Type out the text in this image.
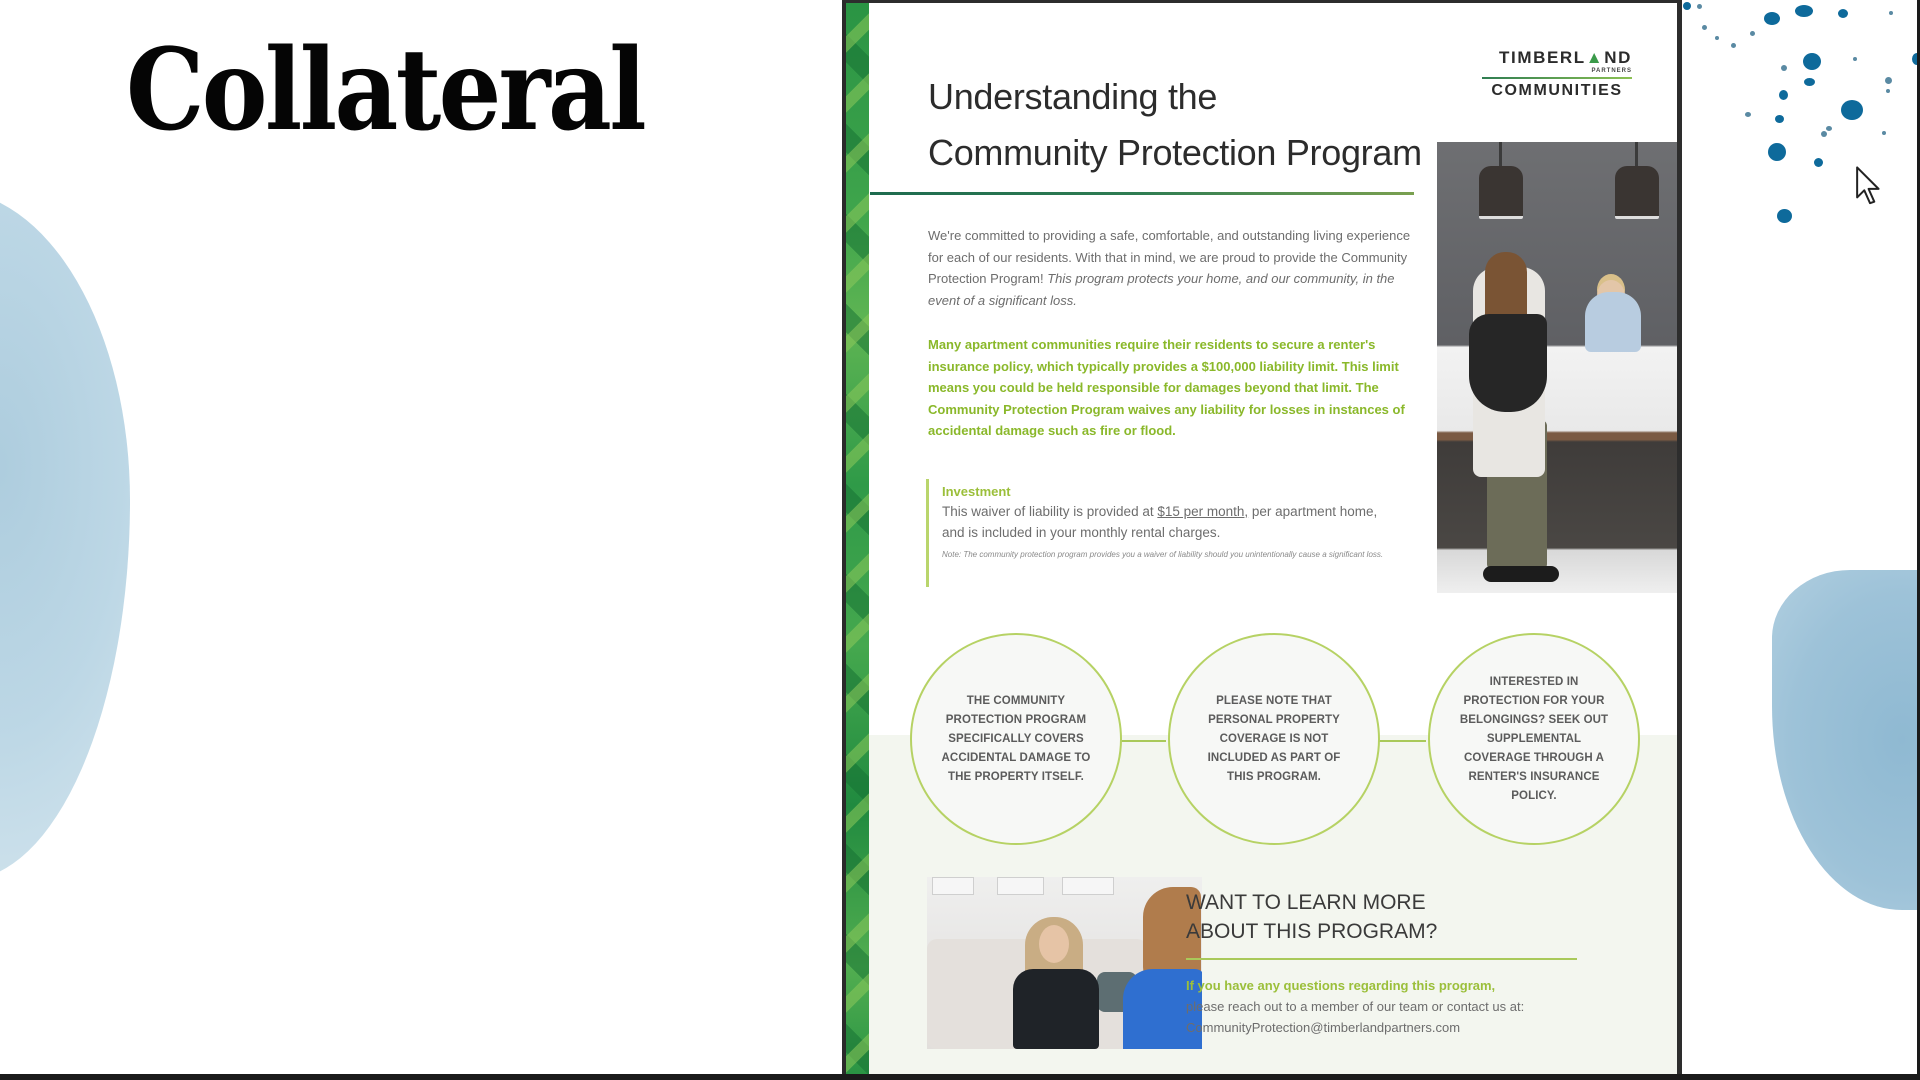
Collateral	Understanding the
Community Protection Program
TIMBERL▲ND
PARTNERS
COMMUNITIES
We're committed to providing a safe, comfortable, and outstanding living experience for each of our residents. With that in mind, we are proud to provide the Community Protection Program! This program protects your home, and our community, in the event of a significant loss.
Many apartment communities require their residents to secure a renter's insurance policy, which typically provides a $100,000 liability limit. This limit means you could be held responsible for damages beyond that limit. The Community Protection Program waives any liability for losses in instances of accidental damage such as fire or flood.
Investment
This waiver of liability is provided at $15 per month, per apartment home, and is included in your monthly rental charges.
Note: The community protection program provides you a waiver of liability should you unintentionally cause a significant loss.
THE COMMUNITY PROTECTION PROGRAM SPECIFICALLY COVERS ACCIDENTAL DAMAGE TO THE PROPERTY ITSELF.
PLEASE NOTE THAT PERSONAL PROPERTY COVERAGE IS NOT INCLUDED AS PART OF THIS PROGRAM.
INTERESTED IN PROTECTION FOR YOUR BELONGINGS? SEEK OUT SUPPLEMENTAL COVERAGE THROUGH A RENTER'S INSURANCE POLICY.
WANT TO LEARN MORE
ABOUT THIS PROGRAM?
If you have any questions regarding this program,
please reach out to a member of our team or contact us at:
CommunityProtection@timberlandpartners.com
